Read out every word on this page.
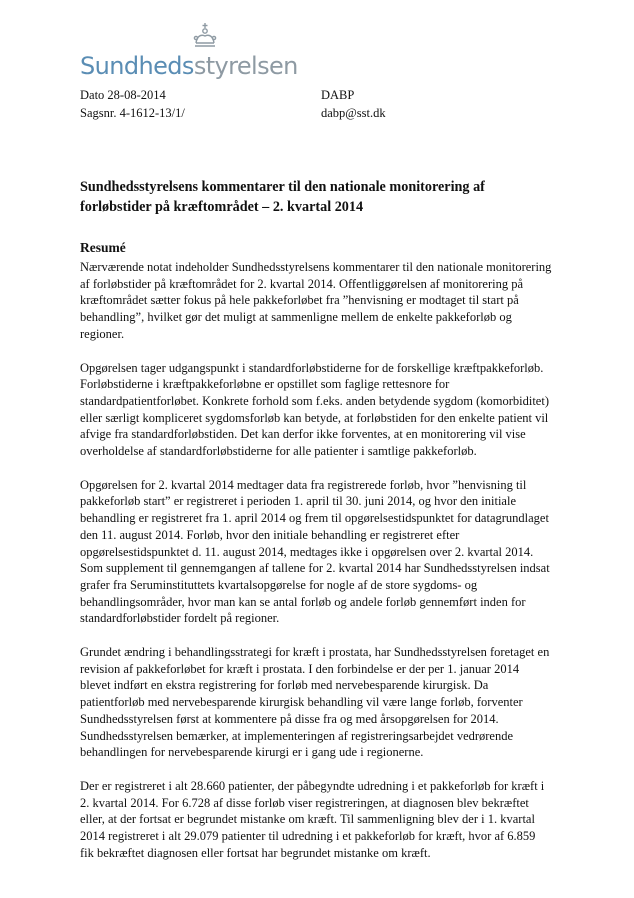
Sundhedsstyrelsen
Dato 28-08-2014
Sagsnr. 4-1612-13/1/
DABP
dabp@sst.dk
Sundhedsstyrelsens kommentarer til den nationale monitorering af
forløbstider på kræftområdet – 2. kvartal 2014
Resumé

Nærværende notat indeholder Sundhedsstyrelsens kommentarer til den nationale monitorering
af forløbstider på kræftområdet for 2. kvartal 2014. Offentliggørelsen af monitorering på
kræftområdet sætter fokus på hele pakkeforløbet fra ”henvisning er modtaget til start på
behandling”, hvilket gør det muligt at sammenligne mellem de enkelte pakkeforløb og
regioner.

Opgørelsen tager udgangspunkt i standardforløbstiderne for de forskellige kræftpakkeforløb.
Forløbstiderne i kræftpakkeforløbne er opstillet som faglige rettesnore for
standardpatientforløbet. Konkrete forhold som f.eks. anden betydende sygdom (komorbiditet)
eller særligt kompliceret sygdomsforløb kan betyde, at forløbstiden for den enkelte patient vil
afvige fra standardforløbstiden. Det kan derfor ikke forventes, at en monitorering vil vise
overholdelse af standardforløbstiderne for alle patienter i samtlige pakkeforløb.

Opgørelsen for 2. kvartal 2014 medtager data fra registrerede forløb, hvor ”henvisning til
pakkeforløb start” er registreret i perioden 1. april til 30. juni 2014, og hvor den initiale
behandling er registreret fra 1. april 2014 og frem til opgørelsestidspunktet for datagrundlaget
den 11. august 2014. Forløb, hvor den initiale behandling er registreret efter
opgørelsestidspunktet d. 11. august 2014, medtages ikke i opgørelsen over 2. kvartal 2014.
Som supplement til gennemgangen af tallene for 2. kvartal 2014 har Sundhedsstyrelsen indsat
grafer fra Seruminstituttets kvartalsopgørelse for nogle af de store sygdoms- og
behandlingsområder, hvor man kan se antal forløb og andele forløb gennemført inden for
standardforløbstider fordelt på regioner.

Grundet ændring i behandlingsstrategi for kræft i prostata, har Sundhedsstyrelsen foretaget en
revision af pakkeforløbet for kræft i prostata. I den forbindelse er der per 1. januar 2014
blevet indført en ekstra registrering for forløb med nervebesparende kirurgisk. Da
patientforløb med nervebesparende kirurgisk behandling vil være lange forløb, forventer
Sundhedsstyrelsen først at kommentere på disse fra og med årsopgørelsen for 2014.
Sundhedsstyrelsen bemærker, at implementeringen af registreringsarbejdet vedrørende
behandlingen for nervebesparende kirurgi er i gang ude i regionerne.

Der er registreret i alt 28.660 patienter, der påbegyndte udredning i et pakkeforløb for kræft i
2. kvartal 2014. For 6.728 af disse forløb viser registreringen, at diagnosen blev bekræftet
eller, at der fortsat er begrundet mistanke om kræft. Til sammenligning blev der i 1. kvartal
2014 registreret i alt 29.079 patienter til udredning i et pakkeforløb for kræft, hvor af 6.859
fik bekræftet diagnosen eller fortsat har begrundet mistanke om kræft.
